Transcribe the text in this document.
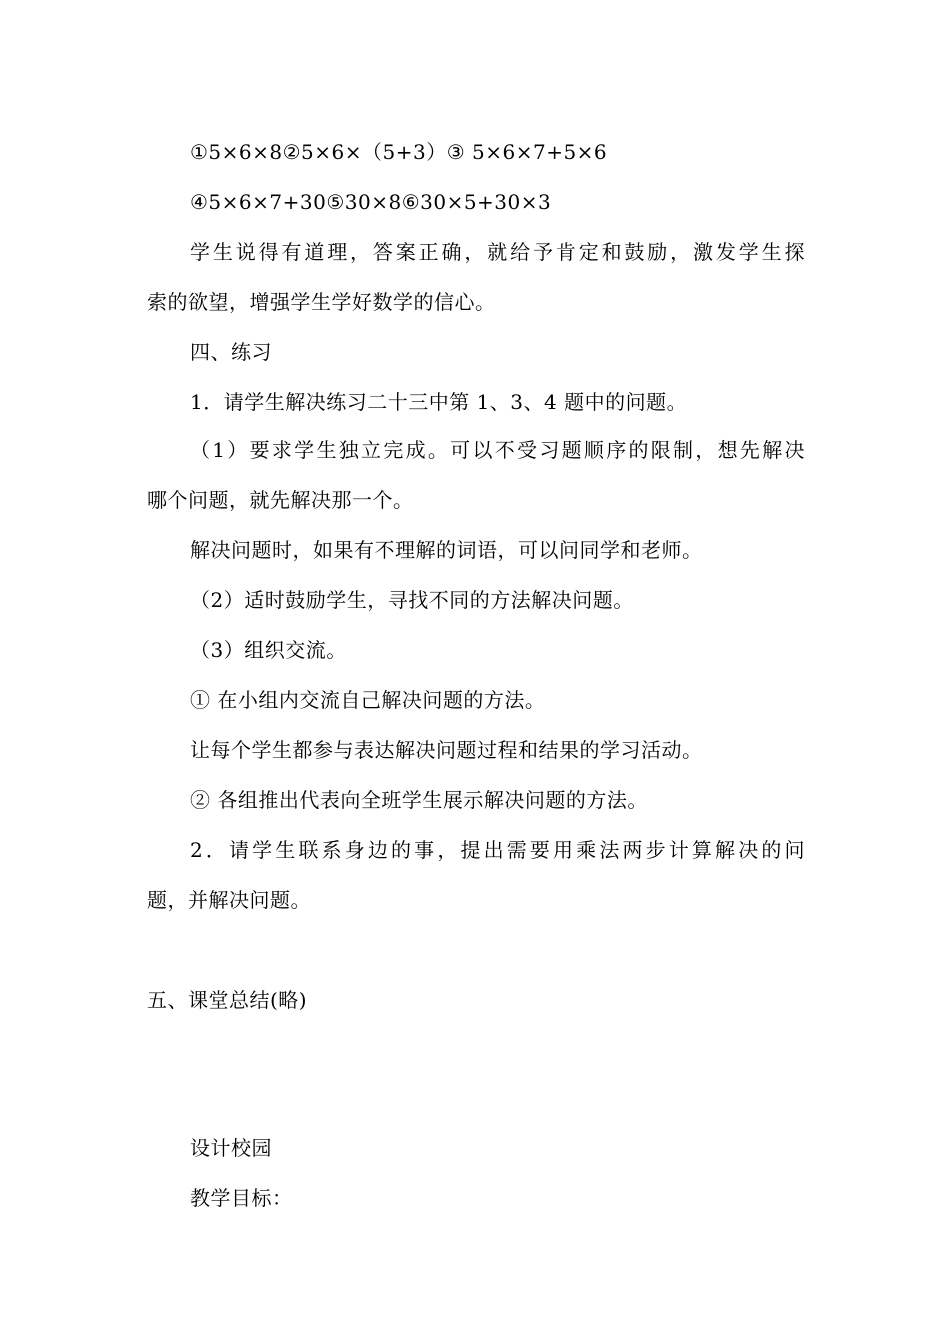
①5×6×8②5×6×（5+3）③ 5×6×7+5×6
④5×6×7+30⑤30×8⑥30×5+30×3
学生说得有道理，答案正确，就给予肯定和鼓励，激发学生探
索的欲望，增强学生学好数学的信心。
四、练习
1．请学生解决练习二十三中第 1、3、4 题中的问题。
（1）要求学生独立完成。可以不受习题顺序的限制，想先解决
哪个问题，就先解决那一个。
解决问题时，如果有不理解的词语，可以问同学和老师。
（2）适时鼓励学生，寻找不同的方法解决问题。
（3）组织交流。
① 在小组内交流自己解决问题的方法。
让每个学生都参与表达解决问题过程和结果的学习活动。
② 各组推出代表向全班学生展示解决问题的方法。
2．请学生联系身边的事，提出需要用乘法两步计算解决的问
题，并解决问题。
五、课堂总结(略)
设计校园
教学目标：
